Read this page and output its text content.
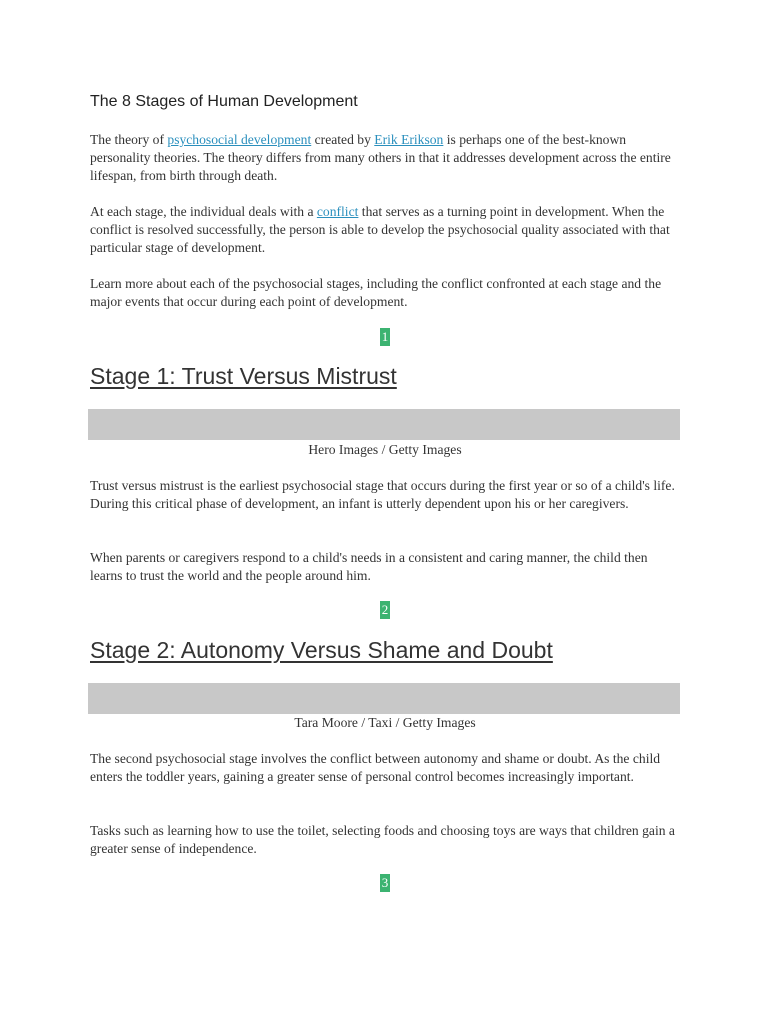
The 8 Stages of Human Development

The theory of psychosocial development created by Erik Erikson is perhaps one of the best-known personality theories. The theory differs from many others in that it addresses development across the entire lifespan, from birth through death.

At each stage, the individual deals with a conflict that serves as a turning point in development. When the conflict is resolved successfully, the person is able to develop the psychosocial quality associated with that particular stage of development.

Learn more about each of the psychosocial stages, including the conflict confronted at each stage and the major events that occur during each point of development.

1
Stage 1: Trust Versus Mistrust

Hero Images / Getty Images

Trust versus mistrust is the earliest psychosocial stage that occurs during the first year or so of a child's life. During this critical phase of development, an infant is utterly dependent upon his or her caregivers.

When parents or caregivers respond to a child's needs in a consistent and caring manner, the child then learns to trust the world and the people around him.

2
Stage 2: Autonomy Versus Shame and Doubt

Tara Moore / Taxi / Getty Images

The second psychosocial stage involves the conflict between autonomy and shame or doubt. As the child enters the toddler years, gaining a greater sense of personal control becomes increasingly important.

Tasks such as learning how to use the toilet, selecting foods and choosing toys are ways that children gain a greater sense of independence.

3
